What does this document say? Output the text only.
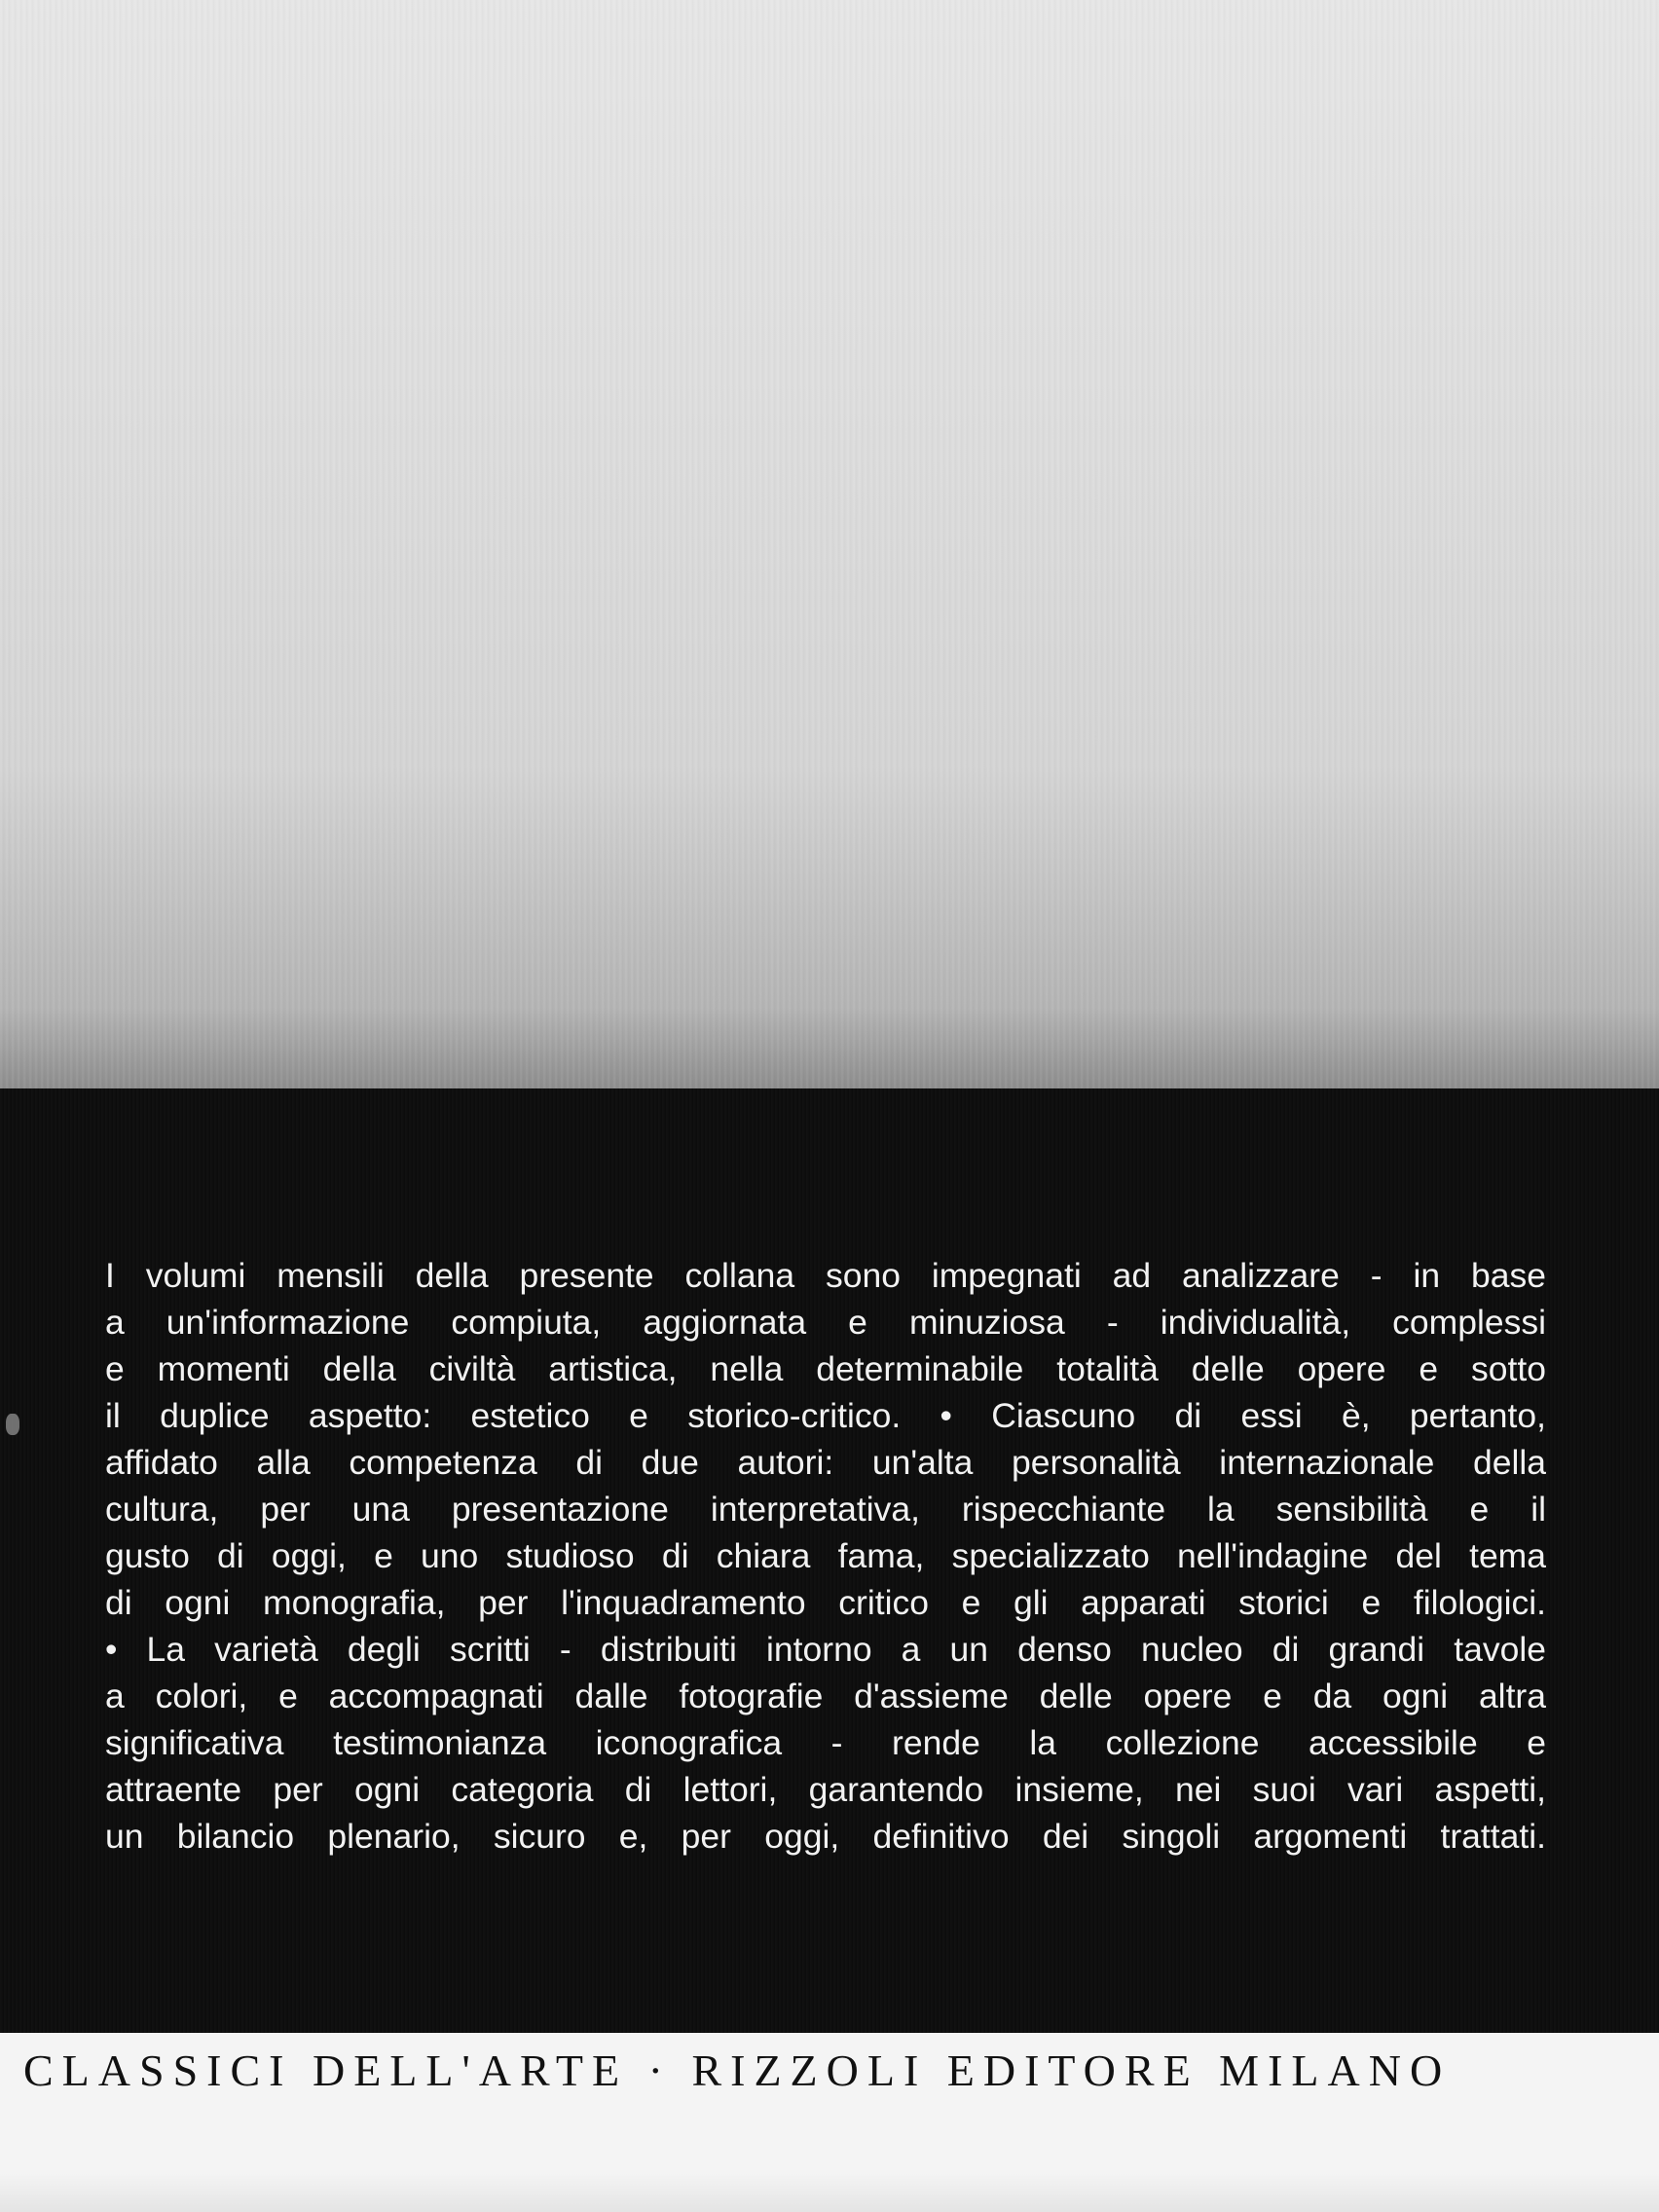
I volumi mensili della presente collana sono impegnati ad analizzare - in base
a un'informazione compiuta, aggiornata e minuziosa - individualità, complessi
e momenti della civiltà artistica, nella determinabile totalità delle opere e sotto
il duplice aspetto: estetico e storico-critico. • Ciascuno di essi è, pertanto,
affidato alla competenza di due autori: un'alta personalità internazionale della
cultura, per una presentazione interpretativa, rispecchiante la sensibilità e il
gusto di oggi, e uno studioso di chiara fama, specializzato nell'indagine del tema
di ogni monografia, per l'inquadramento critico e gli apparati storici e filologici.
• La varietà degli scritti - distribuiti intorno a un denso nucleo di grandi tavole
a colori, e accompagnati dalle fotografie d'assieme delle opere e da ogni altra
significativa testimonianza iconografica - rende la collezione accessibile e
attraente per ogni categoria di lettori, garantendo insieme, nei suoi vari aspetti,
un bilancio plenario, sicuro e, per oggi, definitivo dei singoli argomenti trattati.

CLASSICI DELL'ARTE · RIZZOLI EDITORE MILANO
